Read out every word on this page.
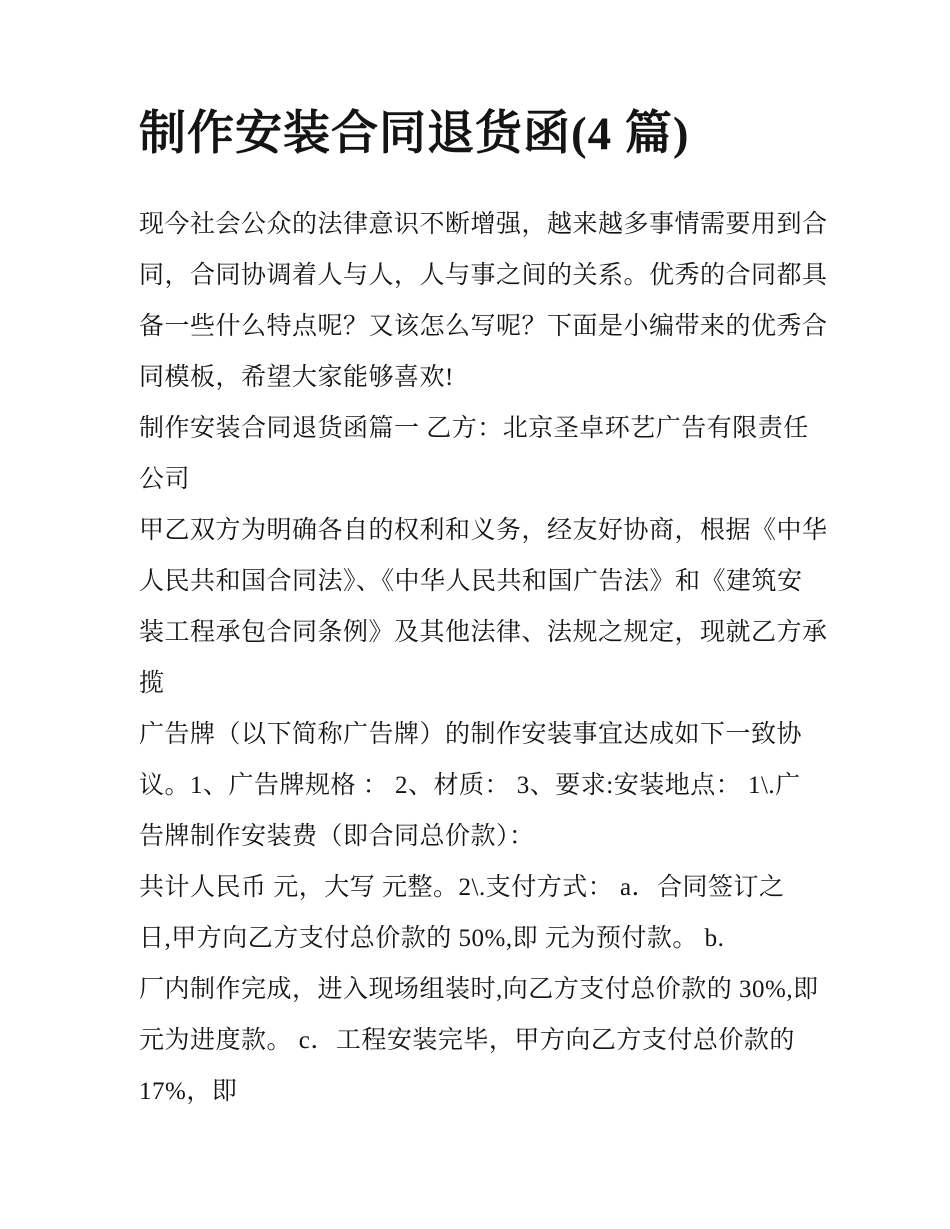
制作安装合同退货函(4 篇)
现今社会公众的法律意识不断增强，越来越多事情需要用到合
同，合同协调着人与人，人与事之间的关系。优秀的合同都具
备一些什么特点呢？又该怎么写呢？下面是小编带来的优秀合
同模板，希望大家能够喜欢!
制作安装合同退货函篇一 乙方：北京圣卓环艺广告有限责任
公司
甲乙双方为明确各自的权利和义务，经友好协商，根据《中华
人民共和国合同法》、《中华人民共和国广告法》和《建筑安
装工程承包合同条例》及其他法律、法规之规定，现就乙方承
揽
广告牌（以下简称广告牌）的制作安装事宜达成如下一致协
议。1、广告牌规格 ： 2、材质： 3、要求:安装地点： 1\.广
告牌制作安装费（即合同总价款）：
共计人民币 元，大写 元整。2\.支付方式： a．合同签订之
日,甲方向乙方支付总价款的 50%,即 元为预付款。 b.
厂内制作完成，进入现场组装时,向乙方支付总价款的 30%,即
元为进度款。 c．工程安装完毕，甲方向乙方支付总价款的
17%，即
